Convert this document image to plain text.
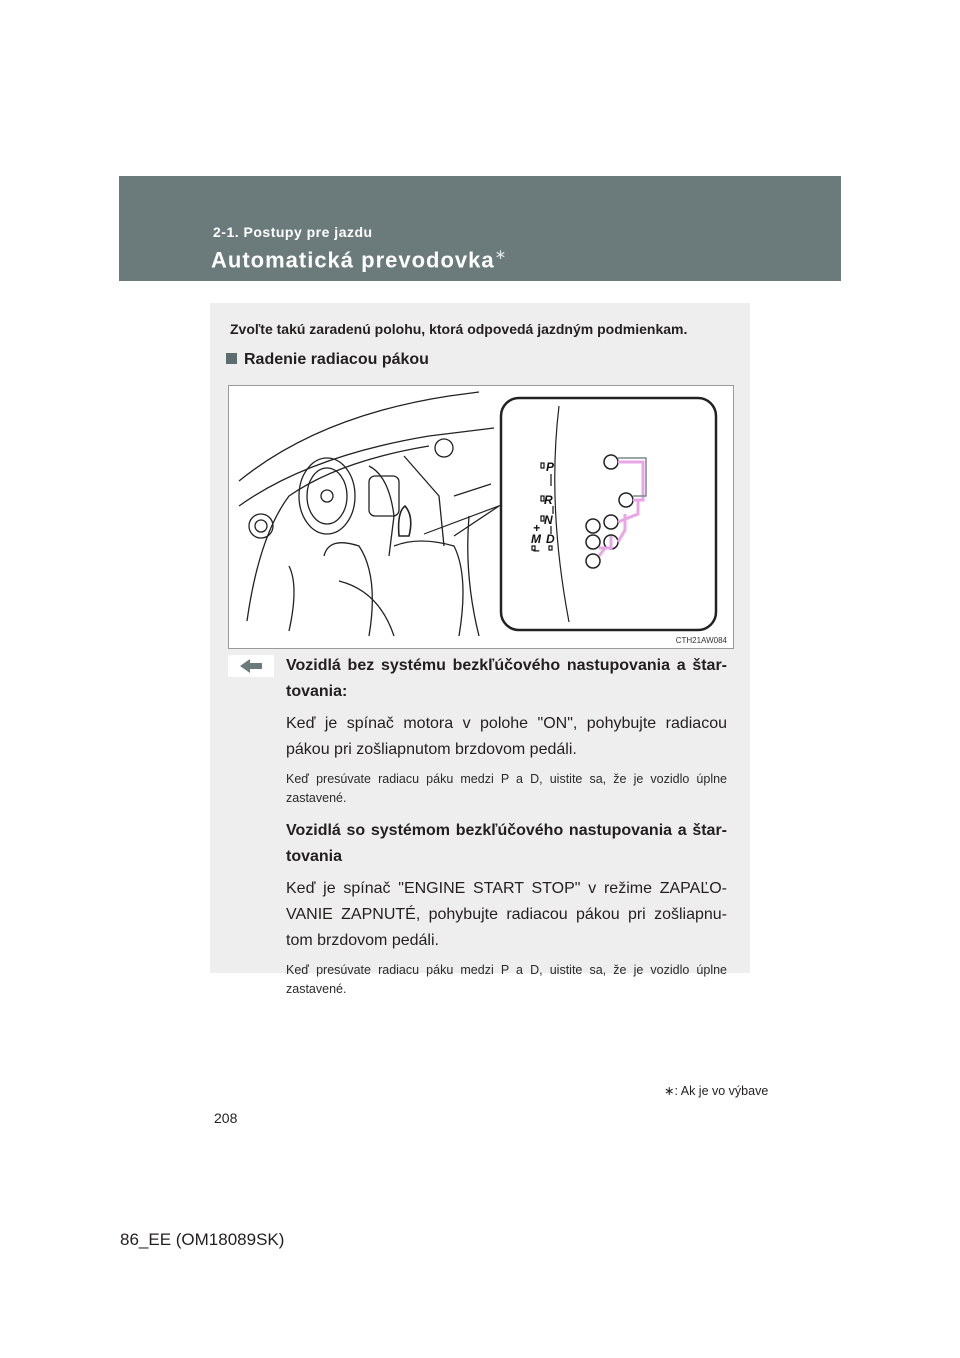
2-1. Postupy pre jazdu
Automatická prevodovka∗
Zvoľte takú zaradenú polohu, ktorá odpovedá jazdným podmienkam.
Radenie radiacou pákou
P
R
N
D
M
+
–
CTH21AW084

Vozidlá bez systému bezkľúčového nastupovania a štar-tovania:

Keď je spínač motora v polohe "ON", pohybujte radiacou pákou pri zošliapnutom brzdovom pedáli.

Keď presúvate radiacu páku medzi P a D, uistite sa, že je vozidlo úplne zastavené.

Vozidlá so systémom bezkľúčového nastupovania a štar-tovania

Keď je spínač "ENGINE START STOP" v režime ZAPAĽO-VANIE ZAPNUTÉ, pohybujte radiacou pákou pri zošliapnu-tom brzdovom pedáli.

Keď presúvate radiacu páku medzi P a D, uistite sa, že je vozidlo úplne zastavené.

∗: Ak je vo výbave
208
86_EE (OM18089SK)
